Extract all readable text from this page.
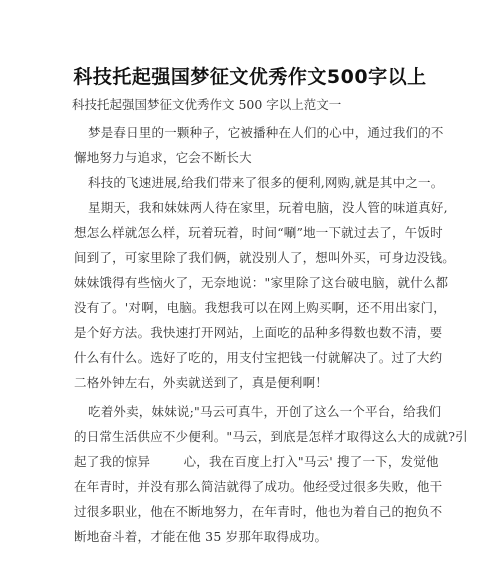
科技托起强国梦征文优秀作文500字以上
科技托起强国梦征文优秀作文 500 字以上范文一
梦是春日里的一颗种子，它被播种在人们的心中，通过我们的不
懈地努力与追求，它会不断长大
科技的飞速进展,给我们带来了很多的便利,网购,就是其中之一。
星期天，我和妹妹两人待在家里，玩着电脑，没人管的味道真好,
想怎么样就怎么样，玩着玩着，时间“唰”地一下就过去了，午饭时
间到了，可家里除了我们俩，就没别人了，想叫外买，可身边没钱。
妹妹饿得有些恼火了，无奈地说："家里除了这台破电脑，就什么都
没有了。'对啊，电脑。我想我可以在网上购买啊，还不用出家门，
是个好方法。我快速打开网站，上面吃的品种多得数也数不清，要
什么有什么。选好了吃的，用支付宝把钱一付就解决了。过了大约
二格外钟左右，外卖就送到了，真是便利啊！
吃着外卖，妹妹说;"马云可真牛，开创了这么一个平台，给我们
的日常生活供应不少便利。"马云，到底是怎样才取得这么大的成就?引
起了我的惊异        心，我在百度上打入"马云' 搜了一下，发觉他
在年青时，并没有那么简洁就得了成功。他经受过很多失败，他干
过很多职业，他在不断地努力，在年青时，他也为着自己的抱负不
断地奋斗着，才能在他 35 岁那年取得成功。
